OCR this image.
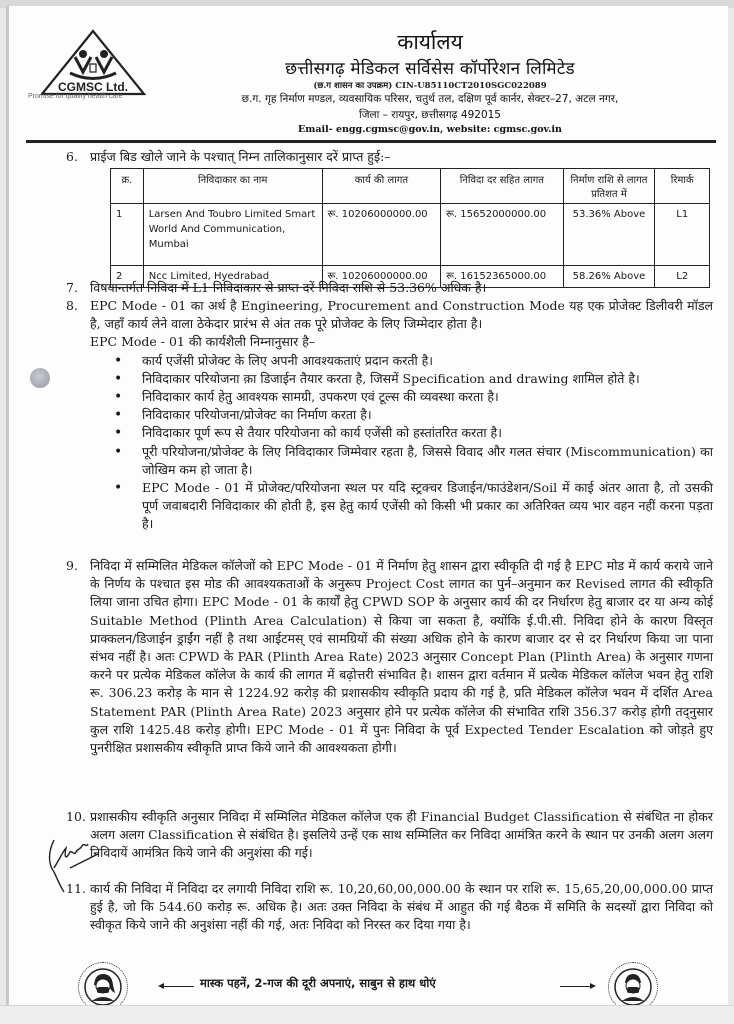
CGMSC Ltd.
Promise for quality health care
कार्यालय
छत्तीसगढ़ मेडिकल सर्विसेस कॉर्पोरेशन लिमिटेड
(छ.ग शासन का उपक्रम) CIN-U85110CT2010SGC022089
छ.ग. गृह निर्माण मण्डल, व्यवसायिक परिसर, चतुर्थ तल, दक्षिण पूर्व कार्नर, सेक्टर–27, अटल नगर,
जिला – रायपुर, छत्तीसगढ़ 492015
Email- engg.cgmsc@gov.in, website: cgmsc.gov.in
6. प्राईज बिड खोले जाने के पश्चात् निम्न तालिकानुसार दरें प्राप्त हुई:–
क्र.	निविदाकार का नाम	कार्य की लागत	निविदा दर सहित लागत	निर्माण राशि से लागत प्रतिशत में	रिमार्क
1	Larsen And Toubro Limited Smart World And Communication, Mumbai	रू. 10206000000.00	रू. 15652000000.00	53.36% Above	L1
2	Ncc Limited, Hyedrabad	रू. 10206000000.00	रू. 16152365000.00	58.26% Above	L2
7. विषयान्तर्गत निविदा में L1 निविदाकार से प्राप्त दरें निविदा राशि से 53.36% अधिक है।
8. EPC Mode - 01 का अर्थ है Engineering, Procurement and Construction Mode यह एक प्रोजेक्ट डिलीवरी मॉडल है, जहाँ कार्य लेने वाला ठेकेदार प्रारंभ से अंत तक पूरे प्रोजेक्ट के लिए जिम्मेदार होता है।
EPC Mode - 01 की कार्यशैली निम्नानुसार है–
• कार्य एजेंसी प्रोजेक्ट के लिए अपनी आवश्यकताएं प्रदान करती है।
• निविदाकार परियोजना क़ा डिजाईन तैयार करता है, जिसमें Specification and drawing शामिल होते है।
• निविदाकार कार्य हेतु आवश्यक सामग्री, उपकरण एवं टूल्स की व्यवस्था करता है।
• निविदाकार परियोजना/प्रोजेक्ट का निर्माण करता है।
• निविदाकार पूर्ण रूप से तैयार परियोजना को कार्य एजेंसी को हस्तांतरित करता है।
• पूरी परियोजना/प्रोजेक्ट के लिए निविदाकार जिम्मेवार रहता है, जिससे विवाद और गलत संचार (Miscommunication) का जोखिम कम हो जाता है।
• EPC Mode - 01 में प्रोजेक्ट/परियोजना स्थल पर यदि स्ट्रक्चर डिजाईन/फाउंडेशन/Soil में काई अंतर आता है, तो उसकी पूर्ण जवाबदारी निविदाकार की होती है, इस हेतु कार्य एजेंसी को किसी भी प्रकार का अतिरिक्त व्यय भार वहन नहीं करना पड़ता है।
9. निविदा में सम्मिलित मेडिकल कॉलेजों को EPC Mode - 01 में निर्माण हेतु शासन द्वारा स्वीकृति दी गई है EPC मोड में कार्य कराये जाने के निर्णय के पश्चात इस मोड की आवश्यकताओं के अनुरूप Project Cost लागत का पुर्न–अनुमान कर Revised लागत की स्वीकृति लिया जाना उचित होगा। EPC Mode - 01 के कार्यों हेतु CPWD SOP के अनुसार कार्य की दर निर्धारण हेतु बाजार दर या अन्य कोई Suitable Method (Plinth Area Calculation) से किया जा सकता है, क्योंकि ई.पी.सी. निविदा होने के कारण विस्तृत प्राक्कलन/डिजाईन ड्राईंग नहीं है तथा आईटमस् एवं सामग्रियों की संख्या अधिक होने के कारण बाजार दर से दर निर्धारण किया जा पाना संभव नहीं है। अतः CPWD के PAR (Plinth Area Rate) 2023 अनुसार Concept Plan (Plinth Area) के अनुसार गणना करने पर प्रत्येक मेडिकल कॉलेज के कार्य की लागत में बढ़ोत्तरी संभावित है। शासन द्वारा वर्तमान में प्रत्येक मेडिकल कॉलेज भवन हेतु राशि रू. 306.23 करोड़ के मान से 1224.92 करोड़ की प्रशासकीय स्वीकृति प्रदाय की गई है, प्रति मेडिकल कॉलेज भवन में दर्शित Area Statement PAR (Plinth Area Rate) 2023 अनुसार होने पर प्रत्येक कॉलेज की संभावित राशि 356.37 करोड़ होगी तद्‌नुसार कुल राशि 1425.48 करोड़ होगी। EPC Mode - 01 में पुनः निविदा के पूर्व Expected Tender Escalation को जोड़ते हुए पुनरीक्षित प्रशासकीय स्वीकृति प्राप्त किये जाने की आवश्यकता होगी।
10. प्रशासकीय स्वीकृति अनुसार निविदा में सम्मिलित मेडिकल कॉलेज एक ही Financial Budget Classification से संबंधित ना होकर अलग अलग Classification से संबंधित है। इसलिये उन्हें एक साथ सम्मिलित कर निविदा आमंत्रित करने के स्थान पर उनकी अलग अलग निविदायें आमंत्रित किये जाने की अनुशंसा की गई।
11. कार्य की निविदा में निविदा दर लगायी निविदा राशि रू. 10,20,60,00,000.00 के स्थान पर राशि रू. 15,65,20,00,000.00 प्राप्त हुई है, जो कि 544.60 करोड़ रू. अधिक है। अतः उक्त निविदा के संबंध में आहुत की गई बैठक में समिति के सदस्यों द्वारा निविदा को स्वीकृत किये जाने की अनुशंसा नहीं की गई, अतः निविदा को निरस्त कर दिया गया है।
मास्क पहनें, 2-गज की दूरी अपनाएं, साबुन से हाथ धोएं
